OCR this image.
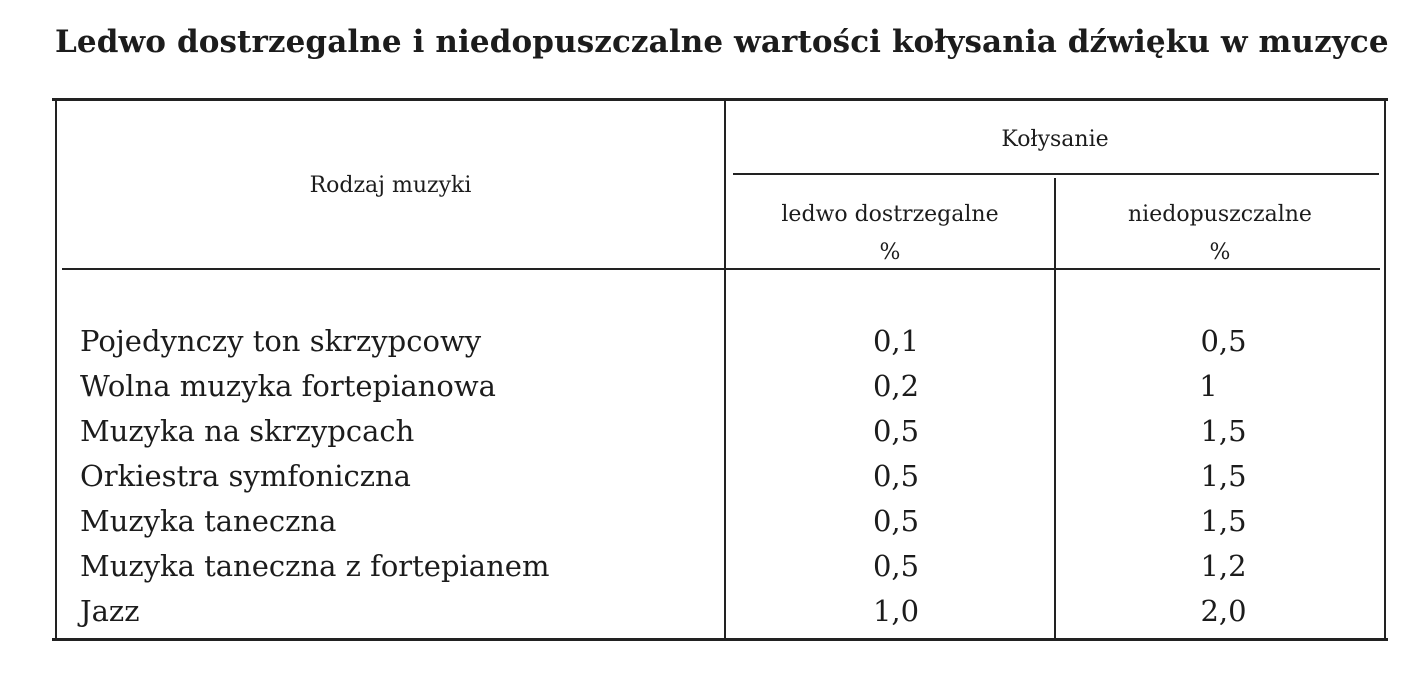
Ledwo dostrzegalne i niedopuszczalne wartości kołysania dźwięku w muzyce
Rodzaj muzyki
Kołysanie
ledwo dostrzegalne
%
niedopuszczalne
%
Pojedynczy ton skrzypcowy	0,1	0,5
Wolna muzyka fortepianowa	0,2	1
Muzyka na skrzypcach	0,5	1,5
Orkiestra symfoniczna	0,5	1,5
Muzyka taneczna	0,5	1,5
Muzyka taneczna z fortepianem	0,5	1,2
Jazz	1,0	2,0
